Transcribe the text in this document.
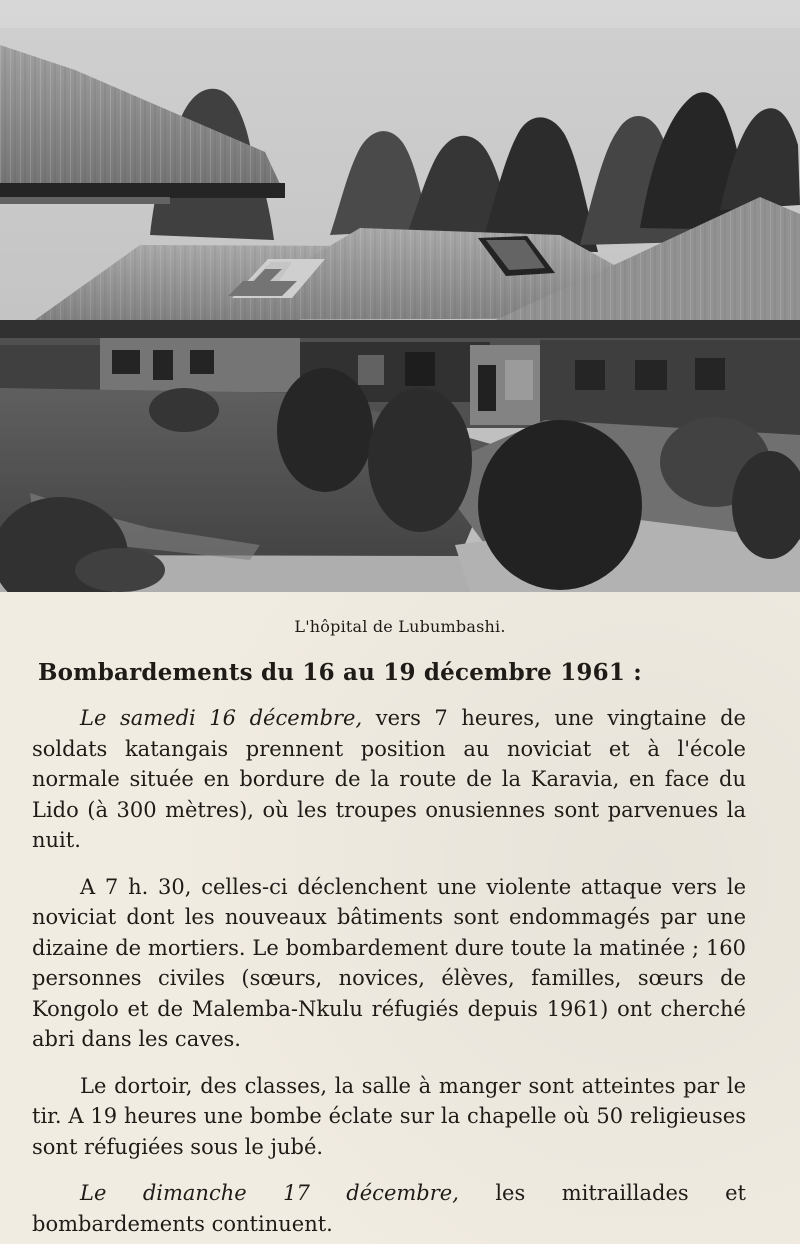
L'hôpital de Lubumbashi.
Bombardements du 16 au 19 décembre 1961 :

Le samedi 16 décembre, vers 7 heures, une vingtaine de soldats katangais prennent position au noviciat et à l'école normale située en bordure de la route de la Karavia, en face du Lido (à 300 mètres), où les troupes onusiennes sont parvenues la nuit.

A 7 h. 30, celles-ci déclenchent une violente attaque vers le noviciat dont les nouveaux bâtiments sont endommagés par une dizaine de mortiers. Le bombardement dure toute la matinée ; 160 personnes civiles (sœurs, novices, élèves, familles, sœurs de Kongolo et de Malemba-Nkulu réfugiés depuis 1961) ont cherché abri dans les caves.

Le dortoir, des classes, la salle à manger sont atteintes par le tir. A 19 heures une bombe éclate sur la chapelle où 50 religieuses sont réfugiées sous le jubé.

Le dimanche 17 décembre, les mitraillades et bombardements continuent.
